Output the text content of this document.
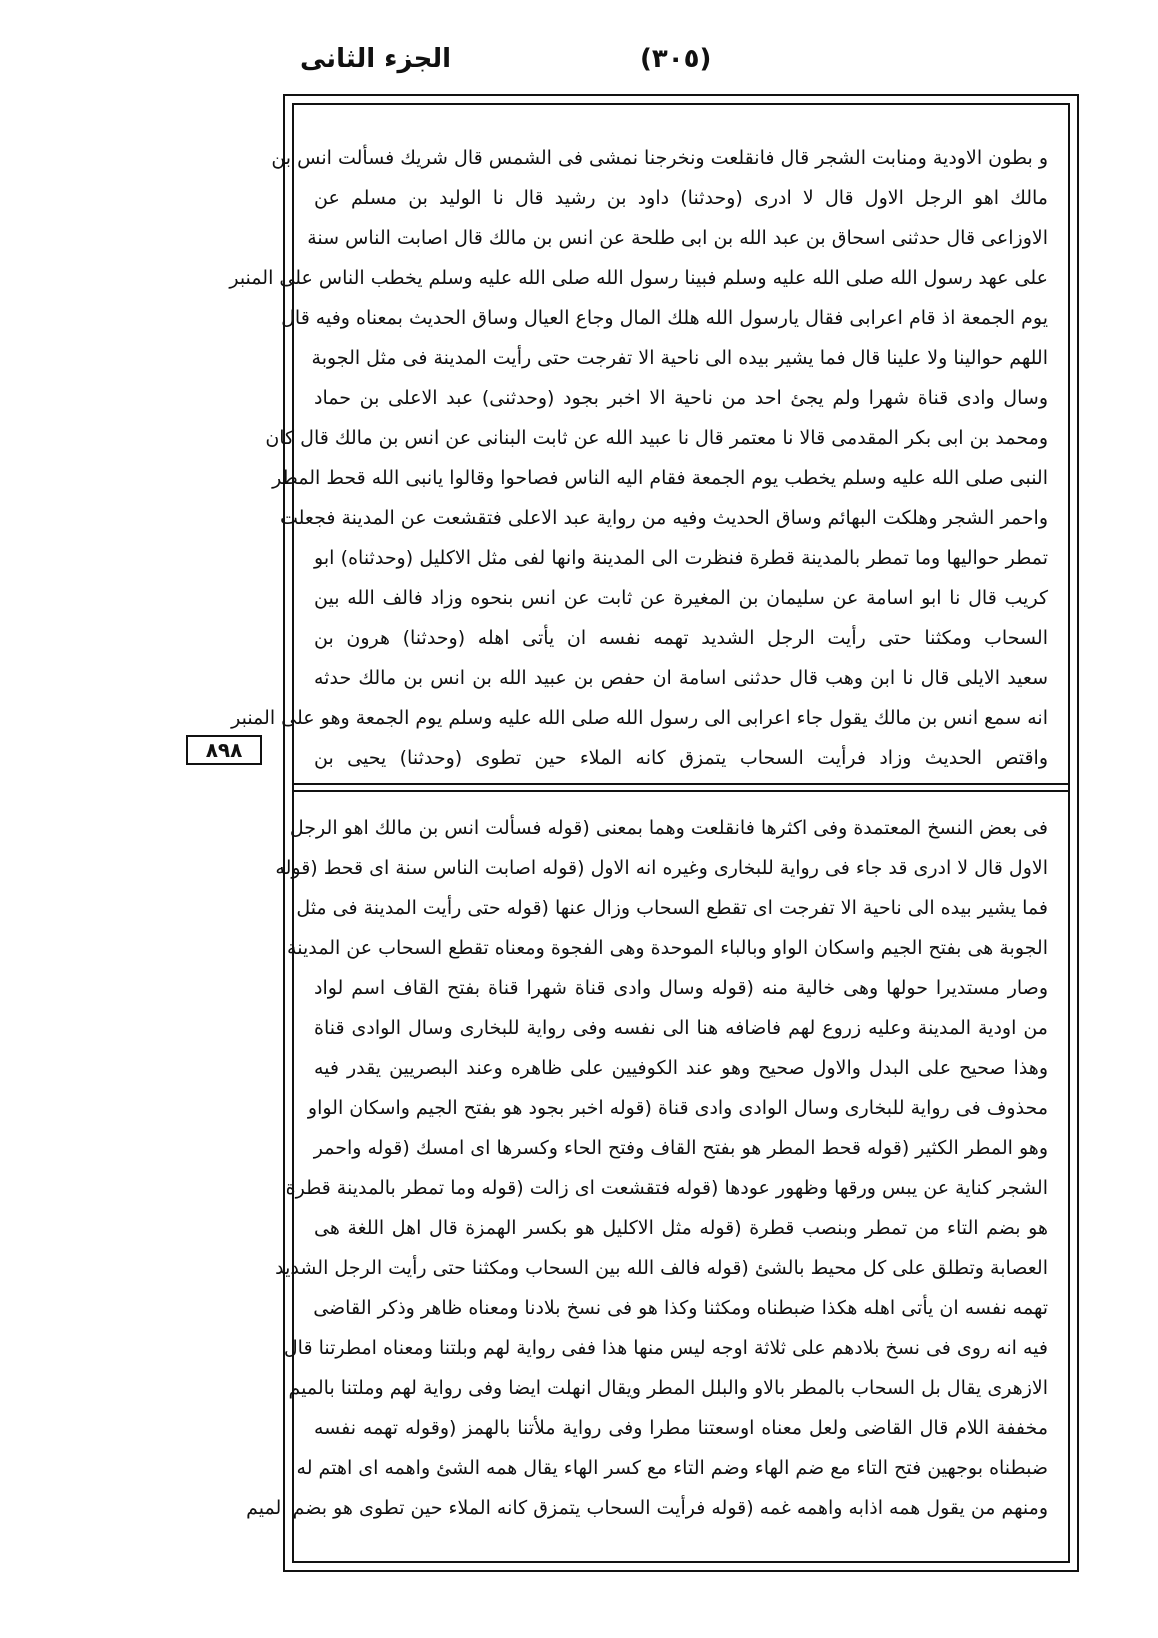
الجزء الثانى	(٣٠٥)
٨٩٨
و بطون الاودية ومنابت الشجر قال فانقلعت ونخرجنا نمشى فى الشمس قال شريك فسألت انس بن
مالك اهو الرجل الاول قال لا ادرى (وحدثنا) داود بن رشيد قال نا الوليد بن مسلم عن
الاوزاعى قال حدثنى اسحاق بن عبد الله بن ابى طلحة عن انس بن مالك قال اصابت الناس سنة
على عهد رسول الله صلى الله عليه وسلم فبينا رسول الله صلى الله عليه وسلم يخطب الناس على المنبر
يوم الجمعة اذ قام اعرابى فقال يارسول الله هلك المال وجاع العيال وساق الحديث بمعناه وفيه قال
اللهم حوالينا ولا علينا قال فما يشير بيده الى ناحية الا تفرجت حتى رأيت المدينة فى مثل الجوبة
وسال وادى قناة شهرا ولم يجئ احد من ناحية الا اخبر بجود (وحدثنى) عبد الاعلى بن حماد
ومحمد بن ابى بكر المقدمى قالا نا معتمر قال نا عبيد الله عن ثابت البنانى عن انس بن مالك قال كان
النبى صلى الله عليه وسلم يخطب يوم الجمعة فقام اليه الناس فصاحوا وقالوا يانبى الله قحط المطر
واحمر الشجر وهلكت البهائم وساق الحديث وفيه من رواية عبد الاعلى فتقشعت عن المدينة فجعلت
تمطر حواليها وما تمطر بالمدينة قطرة فنظرت الى المدينة وانها لفى مثل الاكليل (وحدثناه) ابو
كريب قال نا ابو اسامة عن سليمان بن المغيرة عن ثابت عن انس بنحوه وزاد فالف الله بين
السحاب ومكثنا حتى رأيت الرجل الشديد تهمه نفسه ان يأتى اهله (وحدثنا) هرون بن
سعيد الايلى قال نا ابن وهب قال حدثنى اسامة ان حفص بن عبيد الله بن انس بن مالك حدثه
انه سمع انس بن مالك يقول جاء اعرابى الى رسول الله صلى الله عليه وسلم يوم الجمعة وهو على المنبر
واقتص الحديث وزاد فرأيت السحاب يتمزق كانه الملاء حين تطوى (وحدثنا) يحيى بن
فى بعض النسخ المعتمدة وفى اكثرها فانقلعت وهما بمعنى (قوله فسألت انس بن مالك اهو الرجل
الاول قال لا ادرى قد جاء فى رواية للبخارى وغيره انه الاول (قوله اصابت الناس سنة اى قحط (قوله
فما يشير بيده الى ناحية الا تفرجت اى تقطع السحاب وزال عنها (قوله حتى رأيت المدينة فى مثل
الجوبة هى بفتح الجيم واسكان الواو وبالباء الموحدة وهى الفجوة ومعناه تقطع السحاب عن المدينة
وصار مستديرا حولها وهى خالية منه (قوله وسال وادى قناة شهرا قناة بفتح القاف اسم لواد
من اودية المدينة وعليه زروع لهم فاضافه هنا الى نفسه وفى رواية للبخارى وسال الوادى قناة
وهذا صحيح على البدل والاول صحيح وهو عند الكوفيين على ظاهره وعند البصريين يقدر فيه
محذوف فى رواية للبخارى وسال الوادى وادى قناة (قوله اخبر بجود هو بفتح الجيم واسكان الواو
وهو المطر الكثير (قوله قحط المطر هو بفتح القاف وفتح الحاء وكسرها اى امسك (قوله واحمر
الشجر كناية عن يبس ورقها وظهور عودها (قوله فتقشعت اى زالت (قوله وما تمطر بالمدينة قطرة
هو بضم التاء من تمطر وبنصب قطرة (قوله مثل الاكليل هو بكسر الهمزة قال اهل اللغة هى
العصابة وتطلق على كل محيط بالشئ (قوله فالف الله بين السحاب ومكثنا حتى رأيت الرجل الشديد
تهمه نفسه ان يأتى اهله هكذا ضبطناه ومكثنا وكذا هو فى نسخ بلادنا ومعناه ظاهر وذكر القاضى
فيه انه روى فى نسخ بلادهم على ثلاثة اوجه ليس منها هذا ففى رواية لهم وبلتنا ومعناه امطرتنا قال
الازهرى يقال بل السحاب بالمطر بالاو والبلل المطر ويقال انهلت ايضا وفى رواية لهم وملتنا بالميم
مخففة اللام قال القاضى ولعل معناه اوسعتنا مطرا وفى رواية ملأتنا بالهمز (وقوله تهمه نفسه
ضبطناه بوجهين فتح التاء مع ضم الهاء وضم التاء مع كسر الهاء يقال همه الشئ واهمه اى اهتم له
ومنهم من يقول همه اذابه واهمه غمه (قوله فرأيت السحاب يتمزق كانه الملاء حين تطوى هو بضم الميم
